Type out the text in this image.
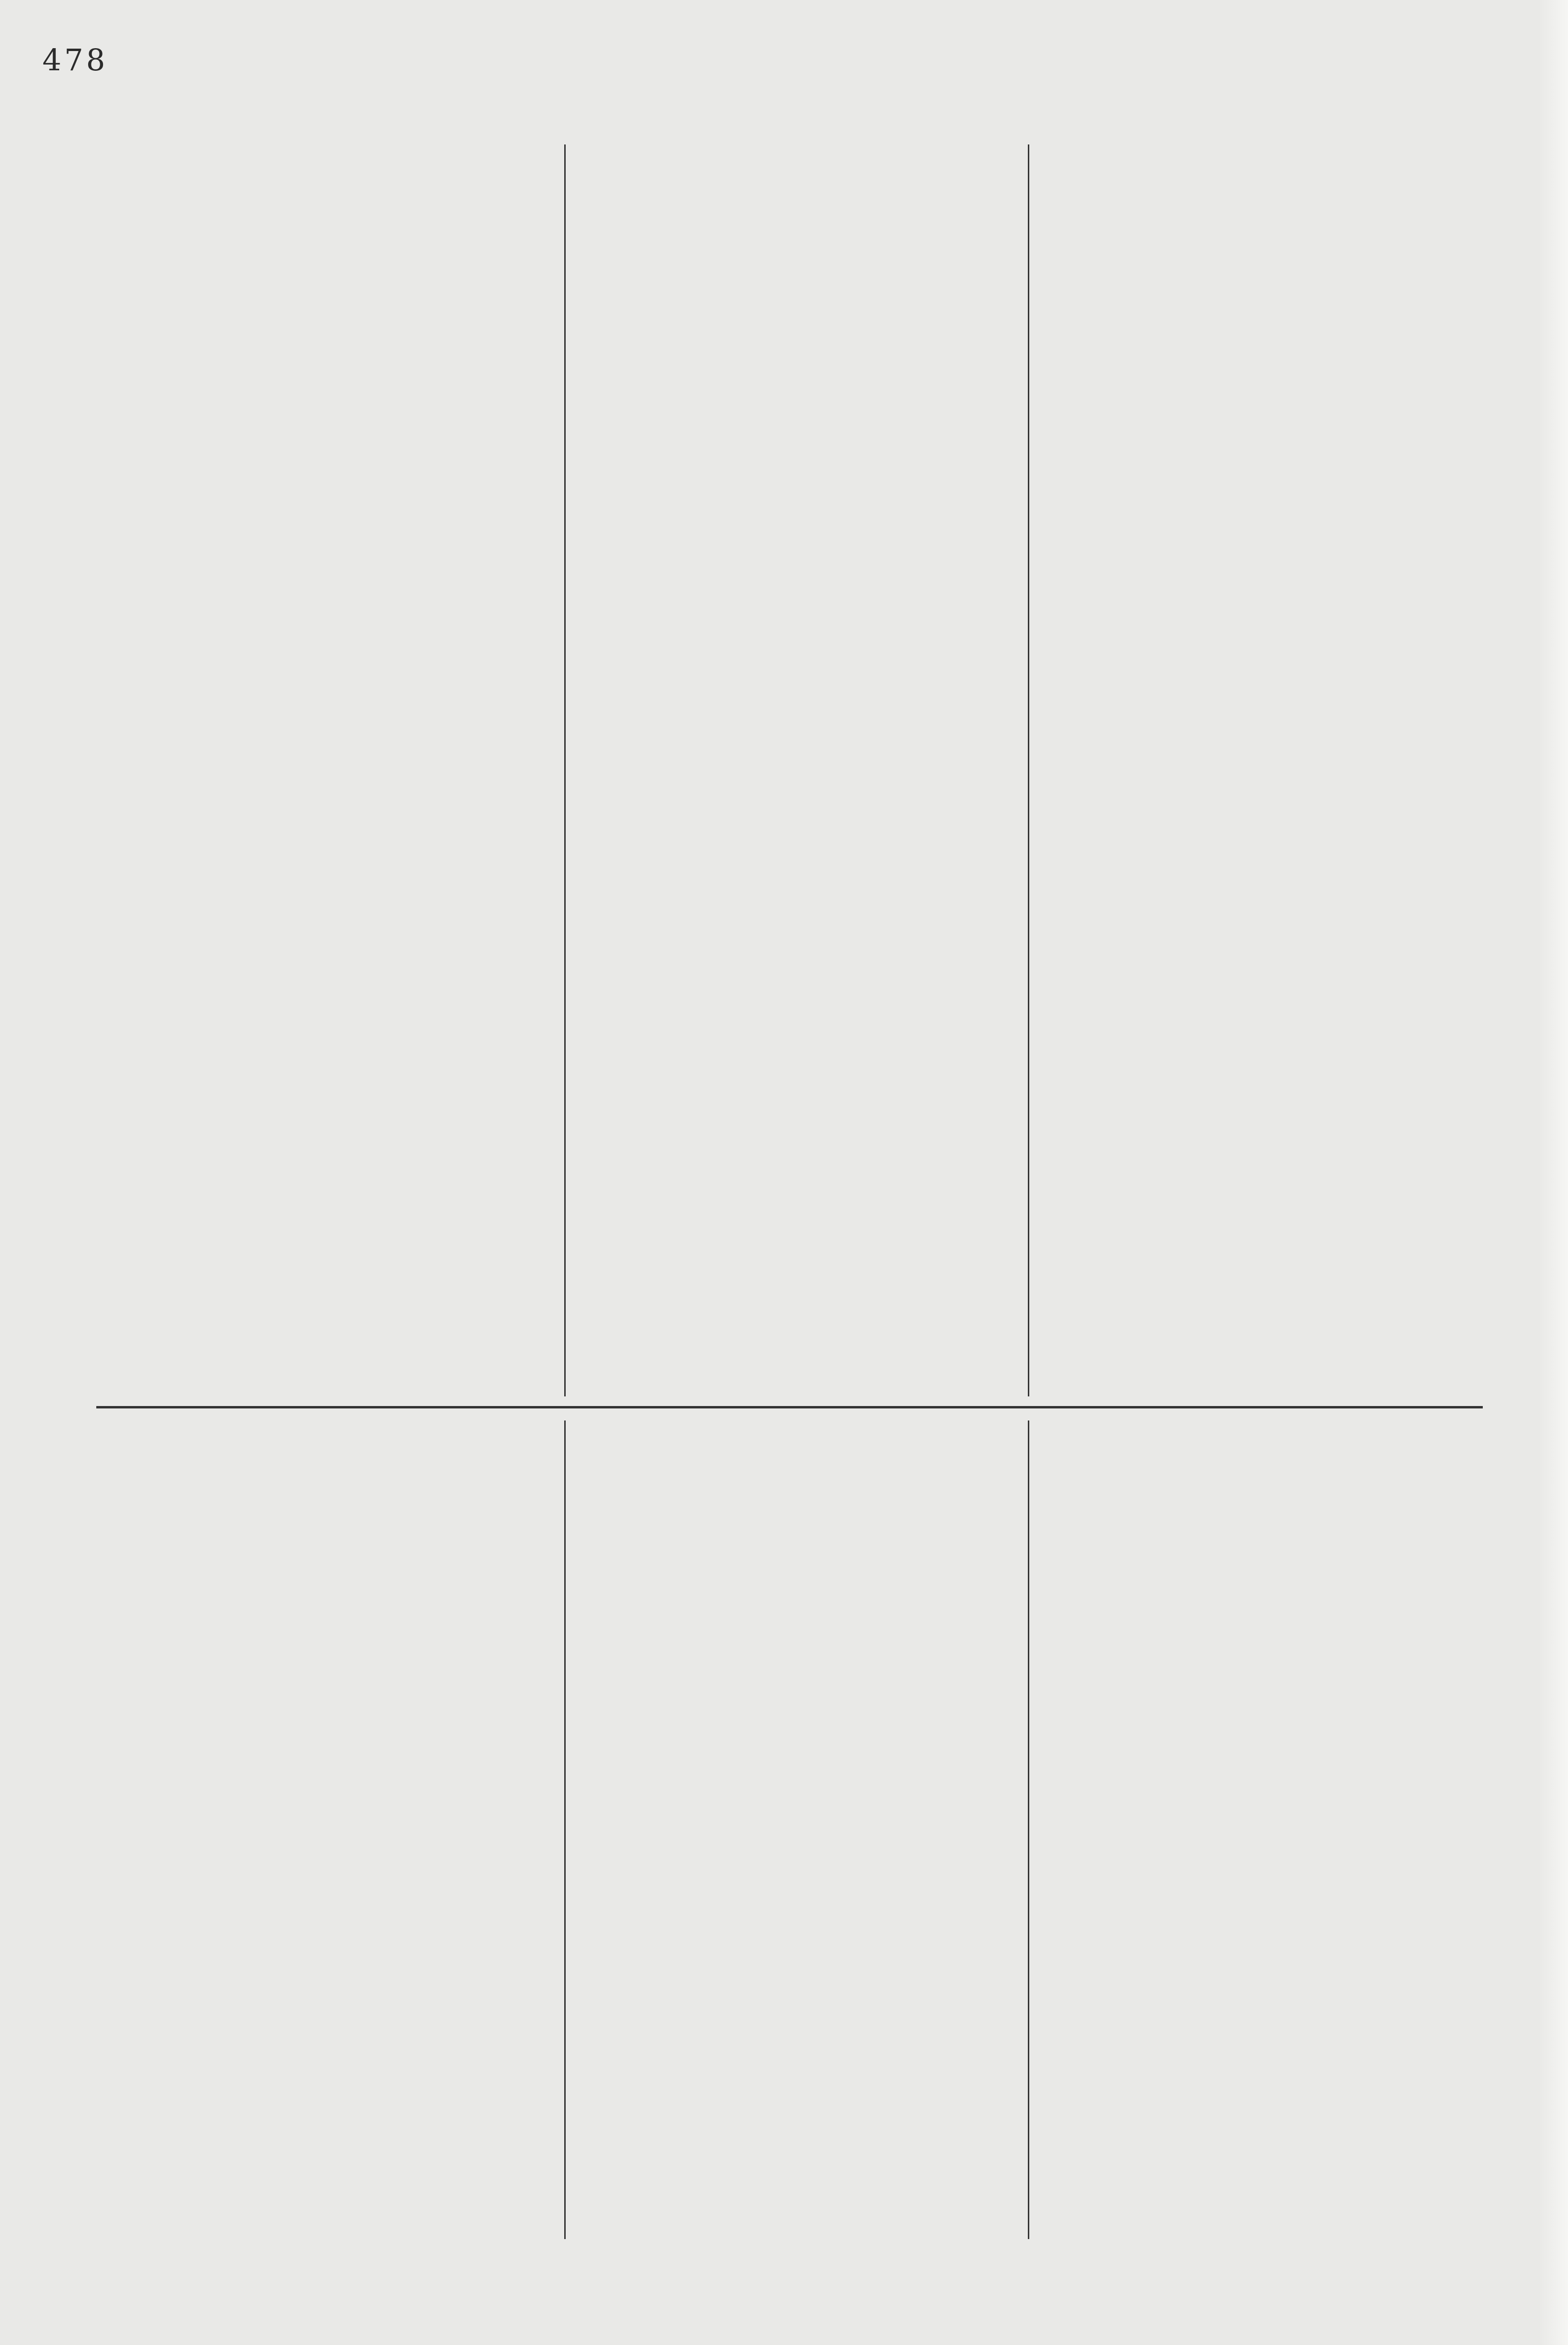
478
